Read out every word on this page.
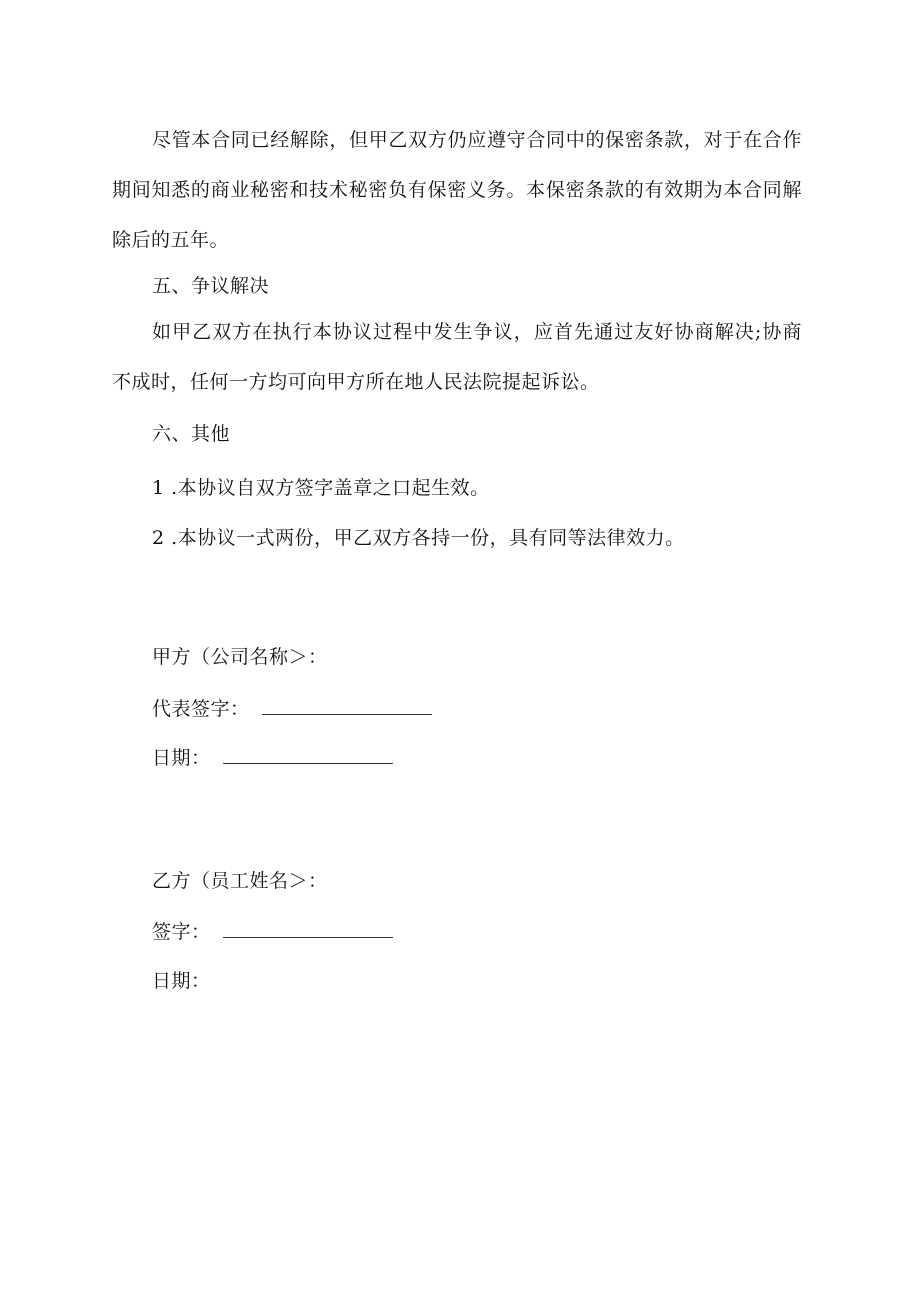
尽管本合同已经解除，但甲乙双方仍应遵守合同中的保密条款，对于在合作期间知悉的商业秘密和技术秘密负有保密义务。本保密条款的有效期为本合同解除后的五年。

五、争议解决

如甲乙双方在执行本协议过程中发生争议，应首先通过友好协商解决;协商不成时，任何一方均可向甲方所在地人民法院提起诉讼。

六、其他

1 .本协议自双方签字盖章之口起生效。

2 .本协议一式两份，甲乙双方各持一份，具有同等法律效力。

甲方（公司名称＞：

代表签字：

日期：

乙方（员工姓名＞：

签字：

日期：
